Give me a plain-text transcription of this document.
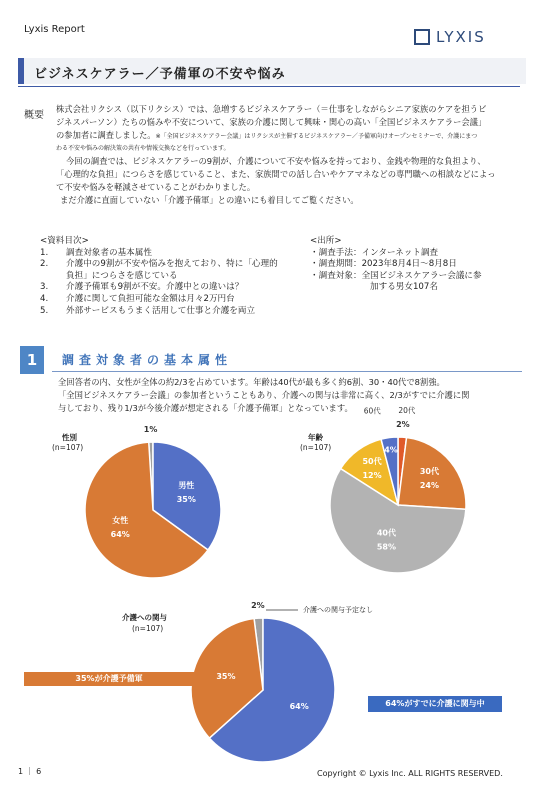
Lyxis Report	LYXIS
ビジネスケアラー／予備軍の不安や悩み
概要
株式会社リクシス（以下リクシス）では、急増するビジネスケアラー（＝仕事をしながらシニア家族のケアを担うビ
ジネスパーソン）たちの悩みや不安について、家族の介護に関して興味・関心の高い「全国ビジネスケアラー会議」
の参加者に調査しました。※「全国ビジネスケアラー会議」はリクシスが主催するビジネスケアラー／予備軍向けオープンセミナーで、介護にまつ
わる不安や悩みの解決策の共有や情報交換などを行っています。
今回の調査では、ビジネスケアラーの9割が、介護について不安や悩みを持っており、金銭や物理的な負担より、
「心理的な負担」につらさを感じていること、また、家族間での話し合いやケアマネなどの専門職への相談などによっ
て不安や悩みを軽減させていることがわかりました。
まだ介護に直面していない「介護予備軍」との違いにも着目してご覧ください。
<資料目次>
1.	調査対象者の基本属性
2.	介護中の9割が不安や悩みを抱えており、特に「心理的
負担」につらさを感じている
3.	介護予備軍も9割が不安。介護中との違いは？
4.	介護に関して負担可能な金額は月々2万円台
5.	外部サービスもうまく活用して仕事と介護を両立
<出所>
・調査手法：インターネット調査
・調査期間：2023年8月4日〜8月8日
・調査対象：全国ビジネスケアラー会議に参
加する男女107名
1	調査対象者の基本属性
全回答者の内、女性が全体の約2/3を占めています。年齢は40代が最も多く約6割、30・40代で8割強。
「全国ビジネスケアラー会議」の参加者ということもあり、介護への関与は非常に高く、2/3がすでに介護に関
与しており、残り1/3が今後介護が想定される「介護予備軍」となっています。
性別
(n=107)
年齢
(n=107)
介護への関与
(n=107)
1%
男性
35%
女性
64%
20代
2%
30代
24%
40代
58%
50代
12%
60代
4%
2%
64%
35%
介護への関与予定なし
35%が介護予備軍
64%がすでに介護に関与中
1 ｜ 6	Copyright © Lyxis Inc. ALL RIGHTS RESERVED.
